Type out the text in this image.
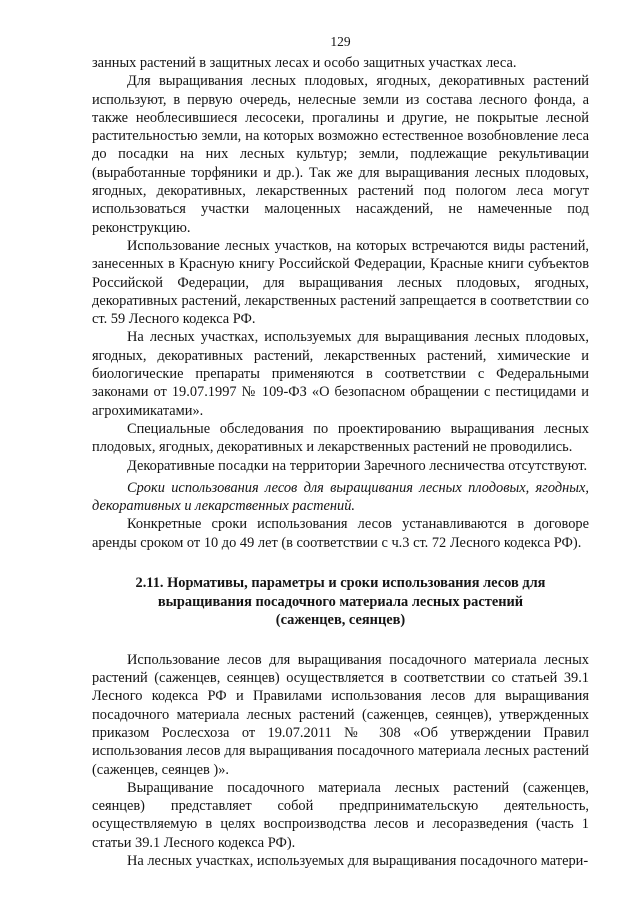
129

занных растений в защитных лесах и особо защитных участках леса.

Для выращивания лесных плодовых, ягодных, декоративных растений используют, в первую очередь, нелесные земли из состава лесного фонда, а также необлесившиеся лесосеки, прогалины и другие, не покрытые лесной растительностью земли, на которых возможно естественное возобновление леса до посадки на них лесных культур; земли, подлежащие рекультивации (выработанные торфяники и др.). Так же для выращивания лесных плодовых, ягодных, декоративных, лекарственных растений под пологом леса могут использоваться участки малоценных насаждений, не намеченные под реконструкцию.

Использование лесных участков, на которых встречаются виды растений, занесенных в Красную книгу Российской Федерации, Красные книги субъектов Российской Федерации, для выращивания лесных плодовых, ягодных, декоративных растений, лекарственных растений запрещается в соответствии со ст. 59 Лесного кодекса РФ.

На лесных участках, используемых для выращивания лесных плодовых, ягодных, декоративных растений, лекарственных растений, химические и биологические препараты применяются в соответствии с Федеральными законами от 19.07.1997 № 109-ФЗ «О безопасном обращении с пестицидами и агрохимикатами».

Специальные обследования по проектированию выращивания лесных плодовых, ягодных, декоративных и лекарственных растений не проводились.

Декоративные посадки на территории Заречного лесничества отсутствуют.

Сроки использования лесов для выращивания лесных плодовых, ягодных, декоративных и лекарственных растений.

Конкретные сроки использования лесов устанавливаются в договоре аренды сроком от 10 до 49 лет (в соответствии с ч.3 ст. 72 Лесного кодекса РФ).

2.11. Нормативы, параметры и сроки использования лесов для
выращивания посадочного материала лесных растений
(саженцев, сеянцев)

Использование лесов для выращивания посадочного материала лесных растений (саженцев, сеянцев) осуществляется в соответствии со статьей 39.1 Лесного кодекса РФ и Правилами использования лесов для выращивания посадочного материала лесных растений (саженцев, сеянцев), утвержденных приказом Рослесхоза от 19.07.2011 № 308 «Об утверждении Правил использования лесов для выращивания посадочного материала лесных растений (саженцев, сеянцев )».

Выращивание посадочного материала лесных растений (саженцев, сеянцев) представляет собой предпринимательскую деятельность, осуществляемую в целях воспроизводства лесов и лесоразведения (часть 1 статьи 39.1 Лесного кодекса РФ).

На лесных участках, используемых для выращивания посадочного матери-
